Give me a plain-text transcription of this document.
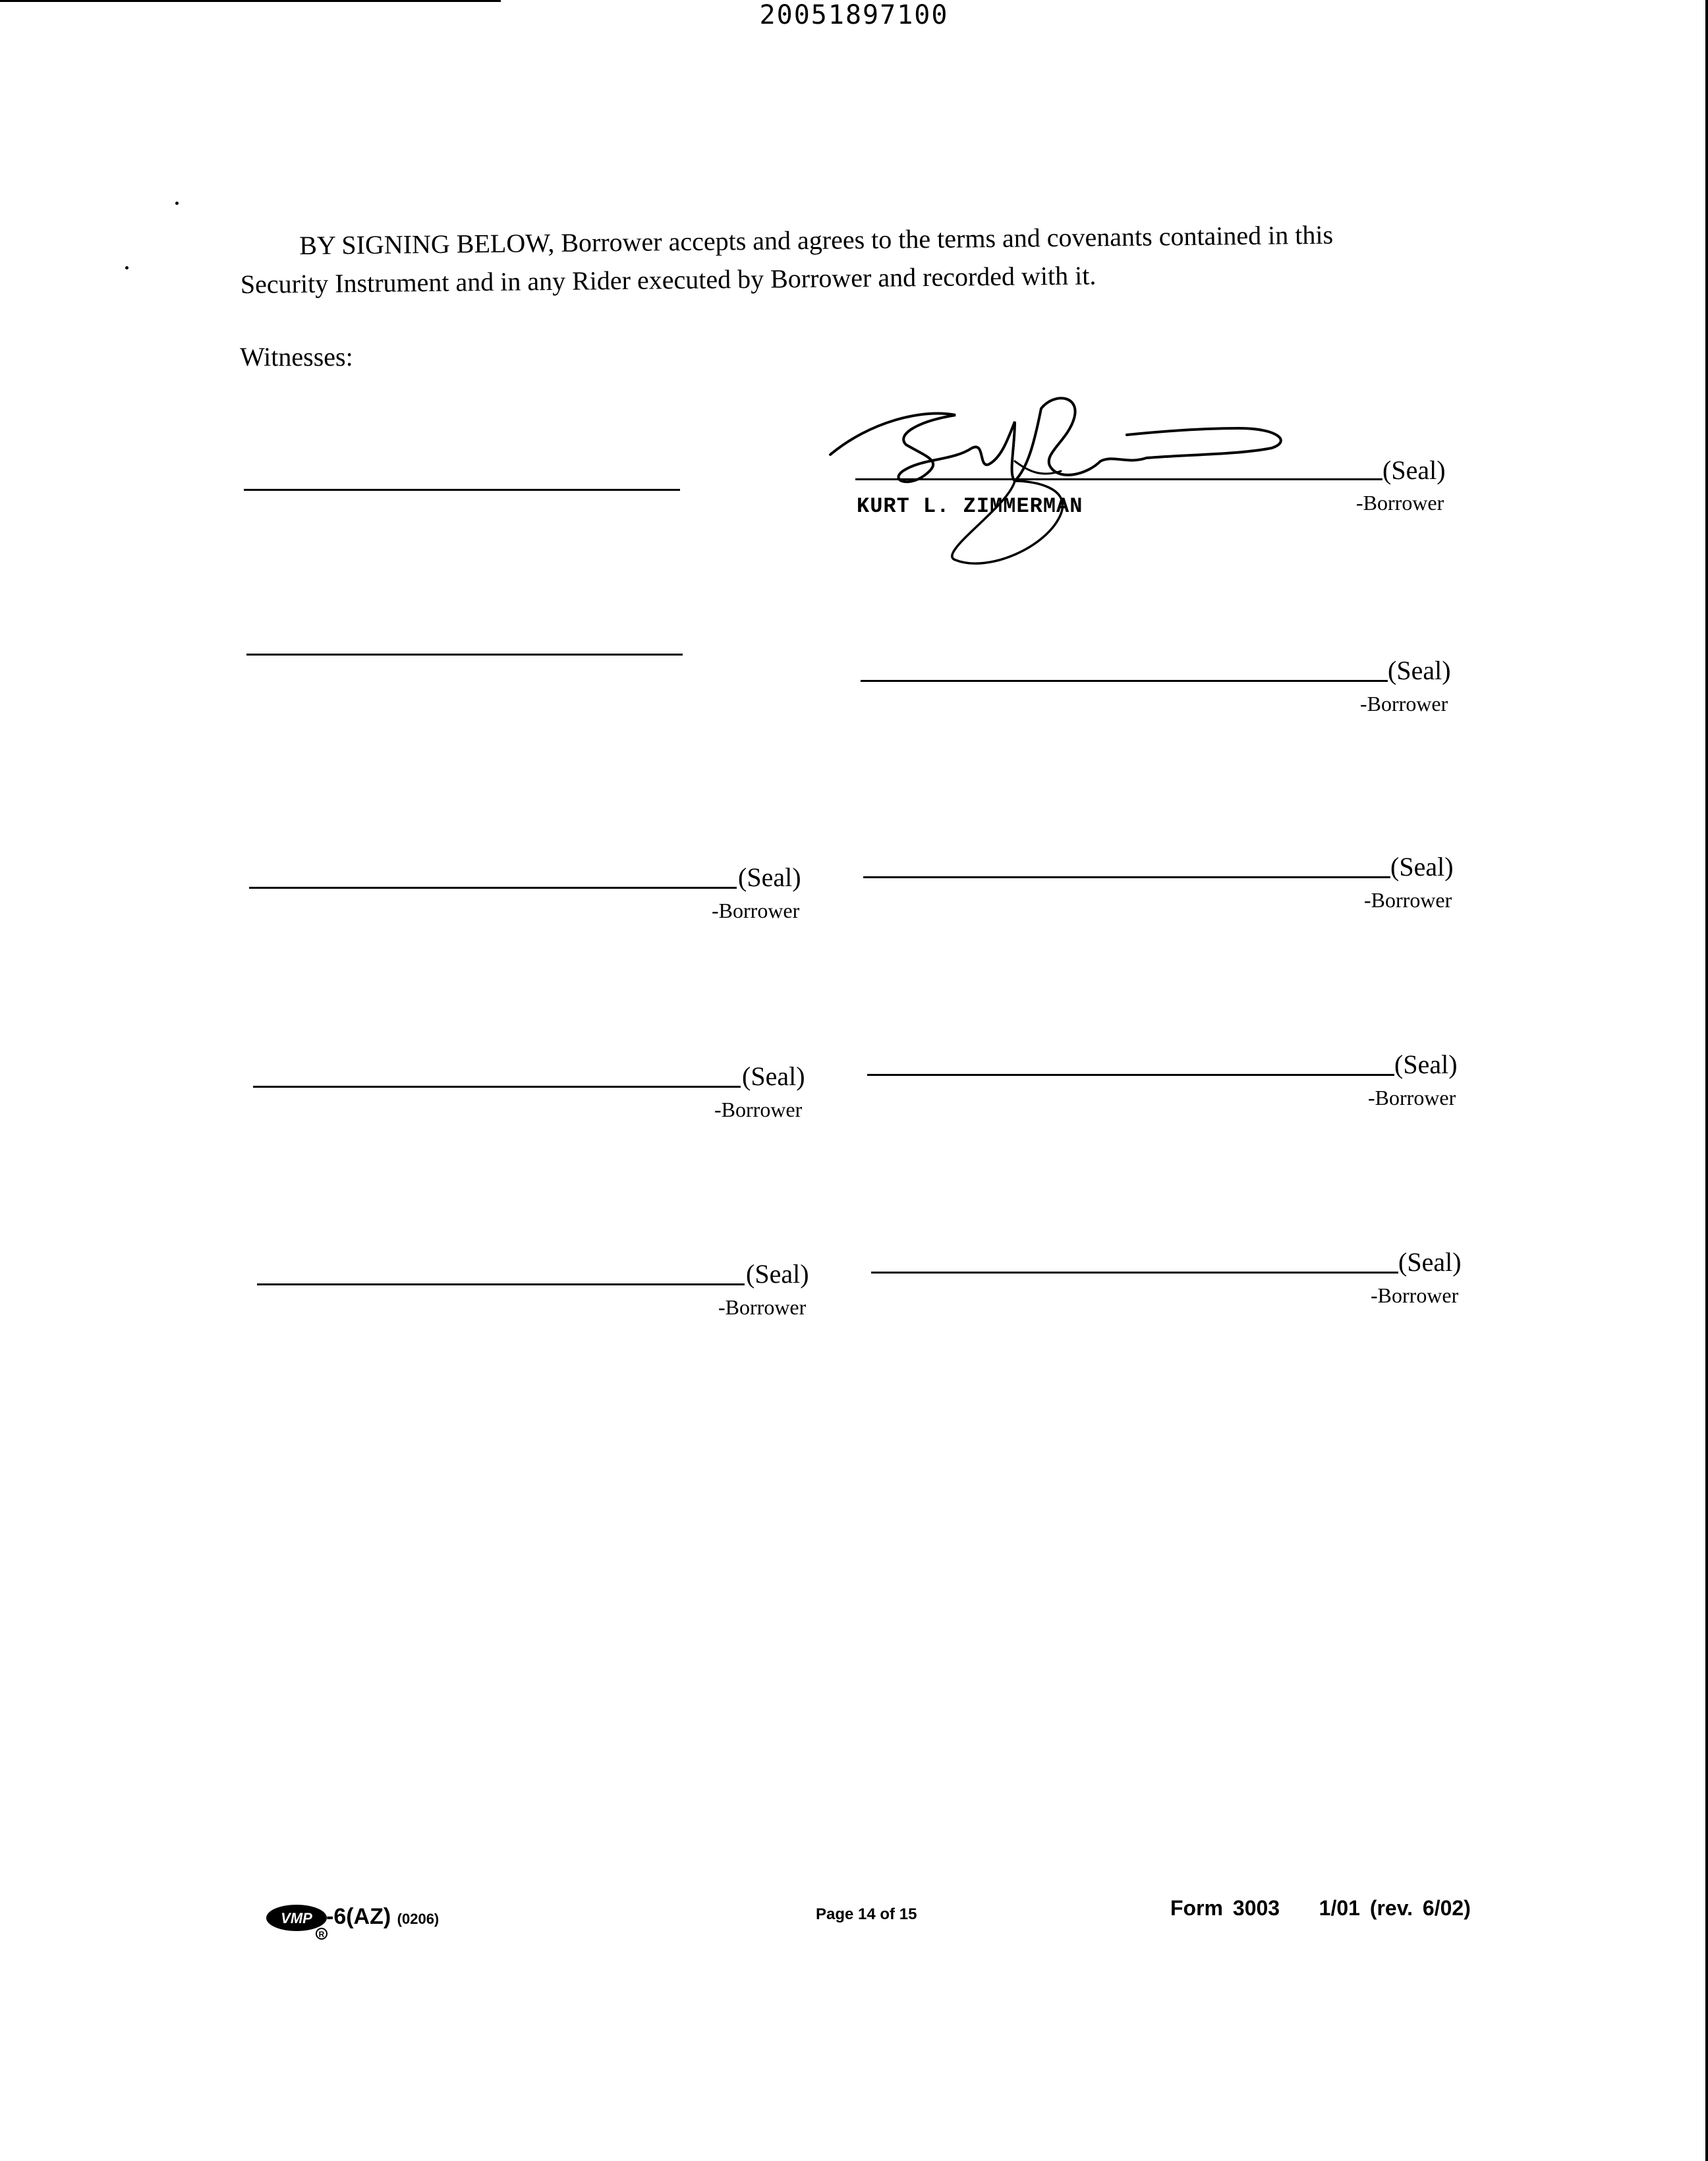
20051897100
BY SIGNING BELOW, Borrower accepts and agrees to the terms and covenants contained in this
Security Instrument and in any Rider executed by Borrower and recorded with it.
Witnesses:
(Seal)
-Borrower
KURT L. ZIMMERMAN
(Seal)
-Borrower
(Seal)
-Borrower
(Seal)
-Borrower
(Seal)
-Borrower
(Seal)
-Borrower
(Seal)
-Borrower
(Seal)
-Borrower
VMP
R
-6(AZ) (0206)	Page 14 of 15	Form 3003 1/01 (rev. 6/02)
